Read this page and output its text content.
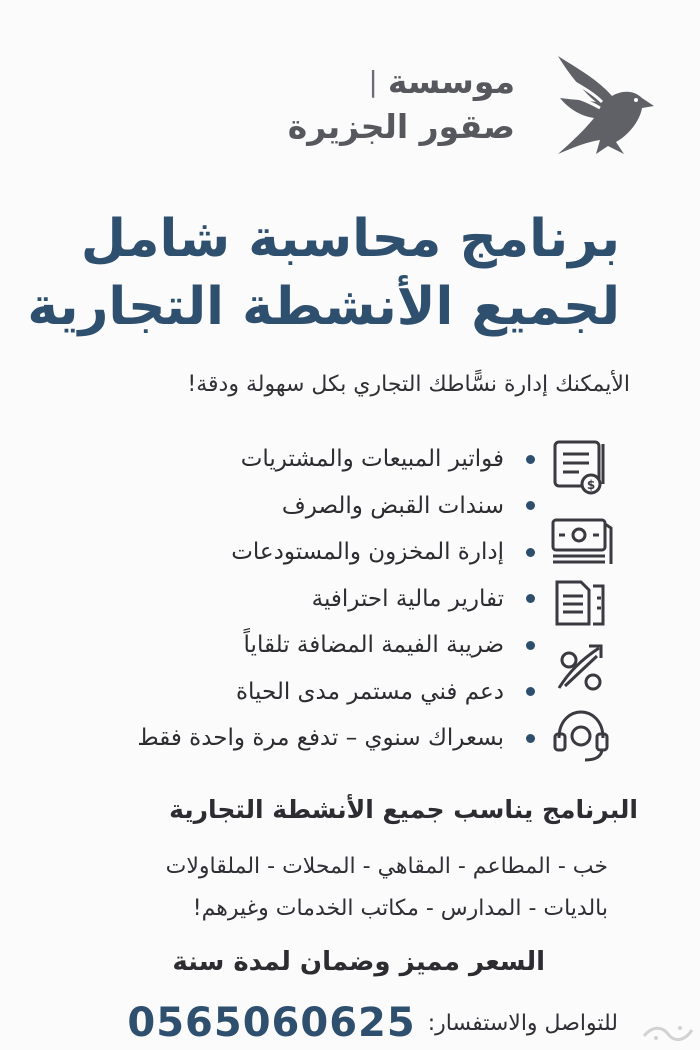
| موسسة
صقور الجزيرة
برنامج محاسبة شامل
لجميع الأنشطة التجارية
الأيمكنك إدارة نسًّاطك التجاري بكل سهولة ودقة!
فواتير المبيعات والمشتريات
سندات القبض والصرف
إدارة المخزون والمستودعات
تفارير مالية احترافية
ضريبة الفيمة المضافة تلقاياً
دعم فني مستمر مدى الحياة
بسعراك سنوي – تدفع مرة واحدة فقط
$
البرنامج يناسب جميع الأنشطة التجارية
خب - المطاعم - المقاهي - المحلات - الملقاولات
بالديات - المدارس - مكاتب الخدمات وغيرهم!
السعر مميز وضمان لمدة سنة
للتواصل والاستفسار:
0565060625
